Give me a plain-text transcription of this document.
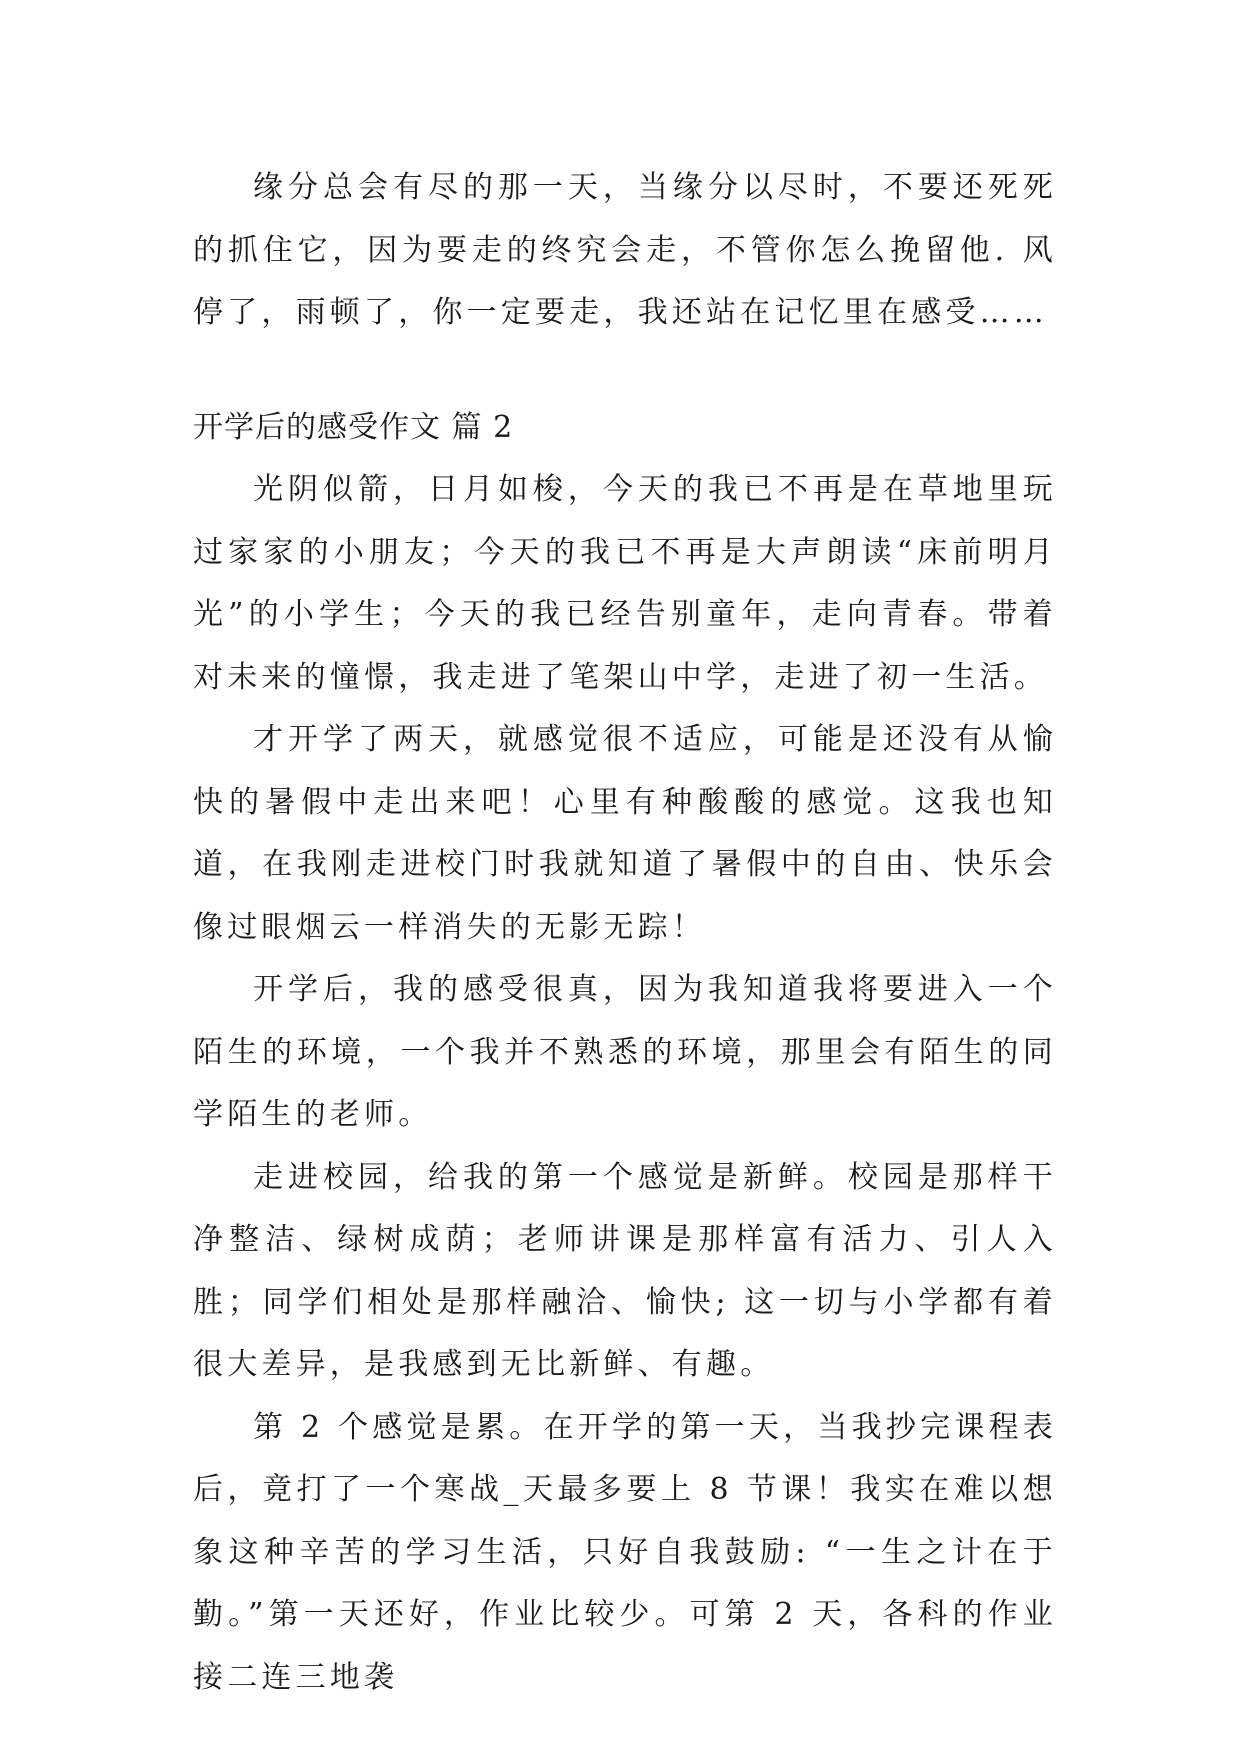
缘分总会有尽的那一天，当缘分以尽时，不要还死死的抓住它，因为要走的终究会走，不管你怎么挽留他. 风停了，雨顿了，你一定要走，我还站在记忆里在感受……

开学后的感受作文 篇 2

光阴似箭，日月如梭，今天的我已不再是在草地里玩过家家的小朋友；今天的我已不再是大声朗读“床前明月光”的小学生；今天的我已经告别童年，走向青春。带着对未来的憧憬，我走进了笔架山中学，走进了初一生活。

才开学了两天，就感觉很不适应，可能是还没有从愉快的暑假中走出来吧！心里有种酸酸的感觉。这我也知道，在我刚走进校门时我就知道了暑假中的自由、快乐会像过眼烟云一样消失的无影无踪！

开学后，我的感受很真，因为我知道我将要进入一个陌生的环境，一个我并不熟悉的环境，那里会有陌生的同学陌生的老师。

走进校园，给我的第一个感觉是新鲜。校园是那样干净整洁、绿树成荫；老师讲课是那样富有活力、引人入胜；同学们相处是那样融洽、愉快; 这一切与小学都有着很大差异，是我感到无比新鲜、有趣。

第 2 个感觉是累。在开学的第一天，当我抄完课程表后，竟打了一个寒战_天最多要上 8 节课！我实在难以想象这种辛苦的学习生活，只好自我鼓励: “一生之计在于勤。”第一天还好，作业比较少。可第 2 天，各科的作业接二连三地袭
